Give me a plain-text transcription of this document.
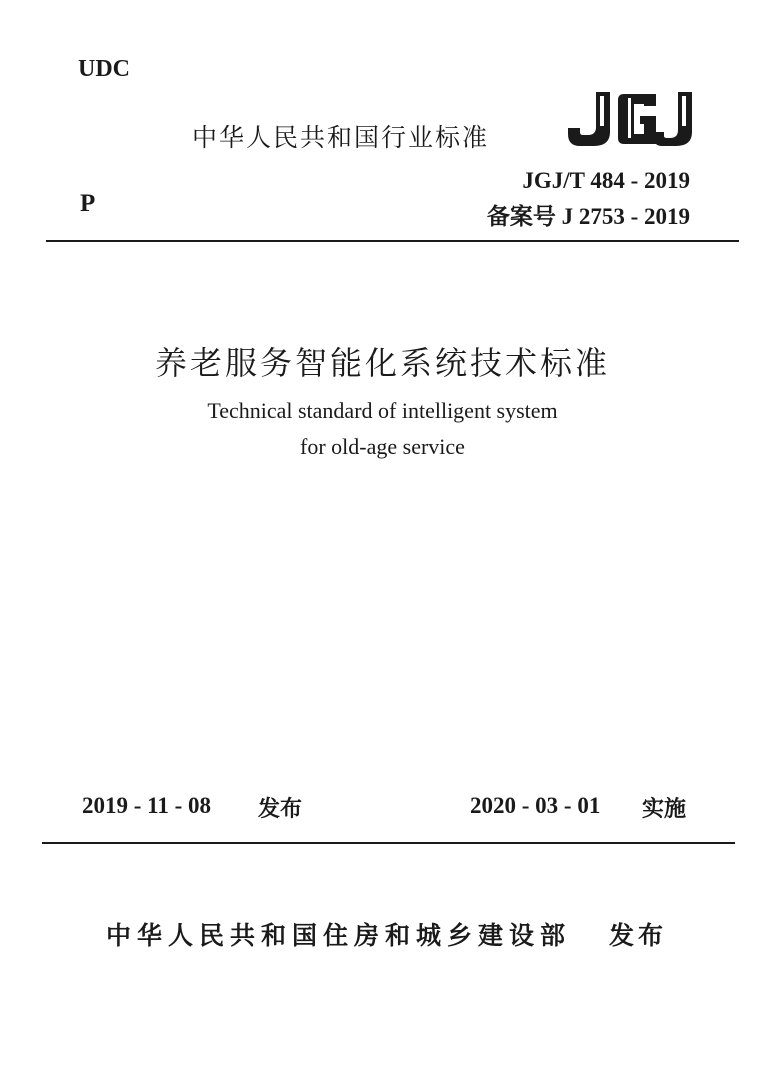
UDC
P
中华人民共和国行业标准
JGJ/T 484 - 2019
备案号 J 2753 - 2019
养老服务智能化系统技术标准
Technical standard of intelligent system
for old-age service
2019 - 11 - 08 发布	2020 - 03 - 01 实施
中华人民共和国住房和城乡建设部 发布
